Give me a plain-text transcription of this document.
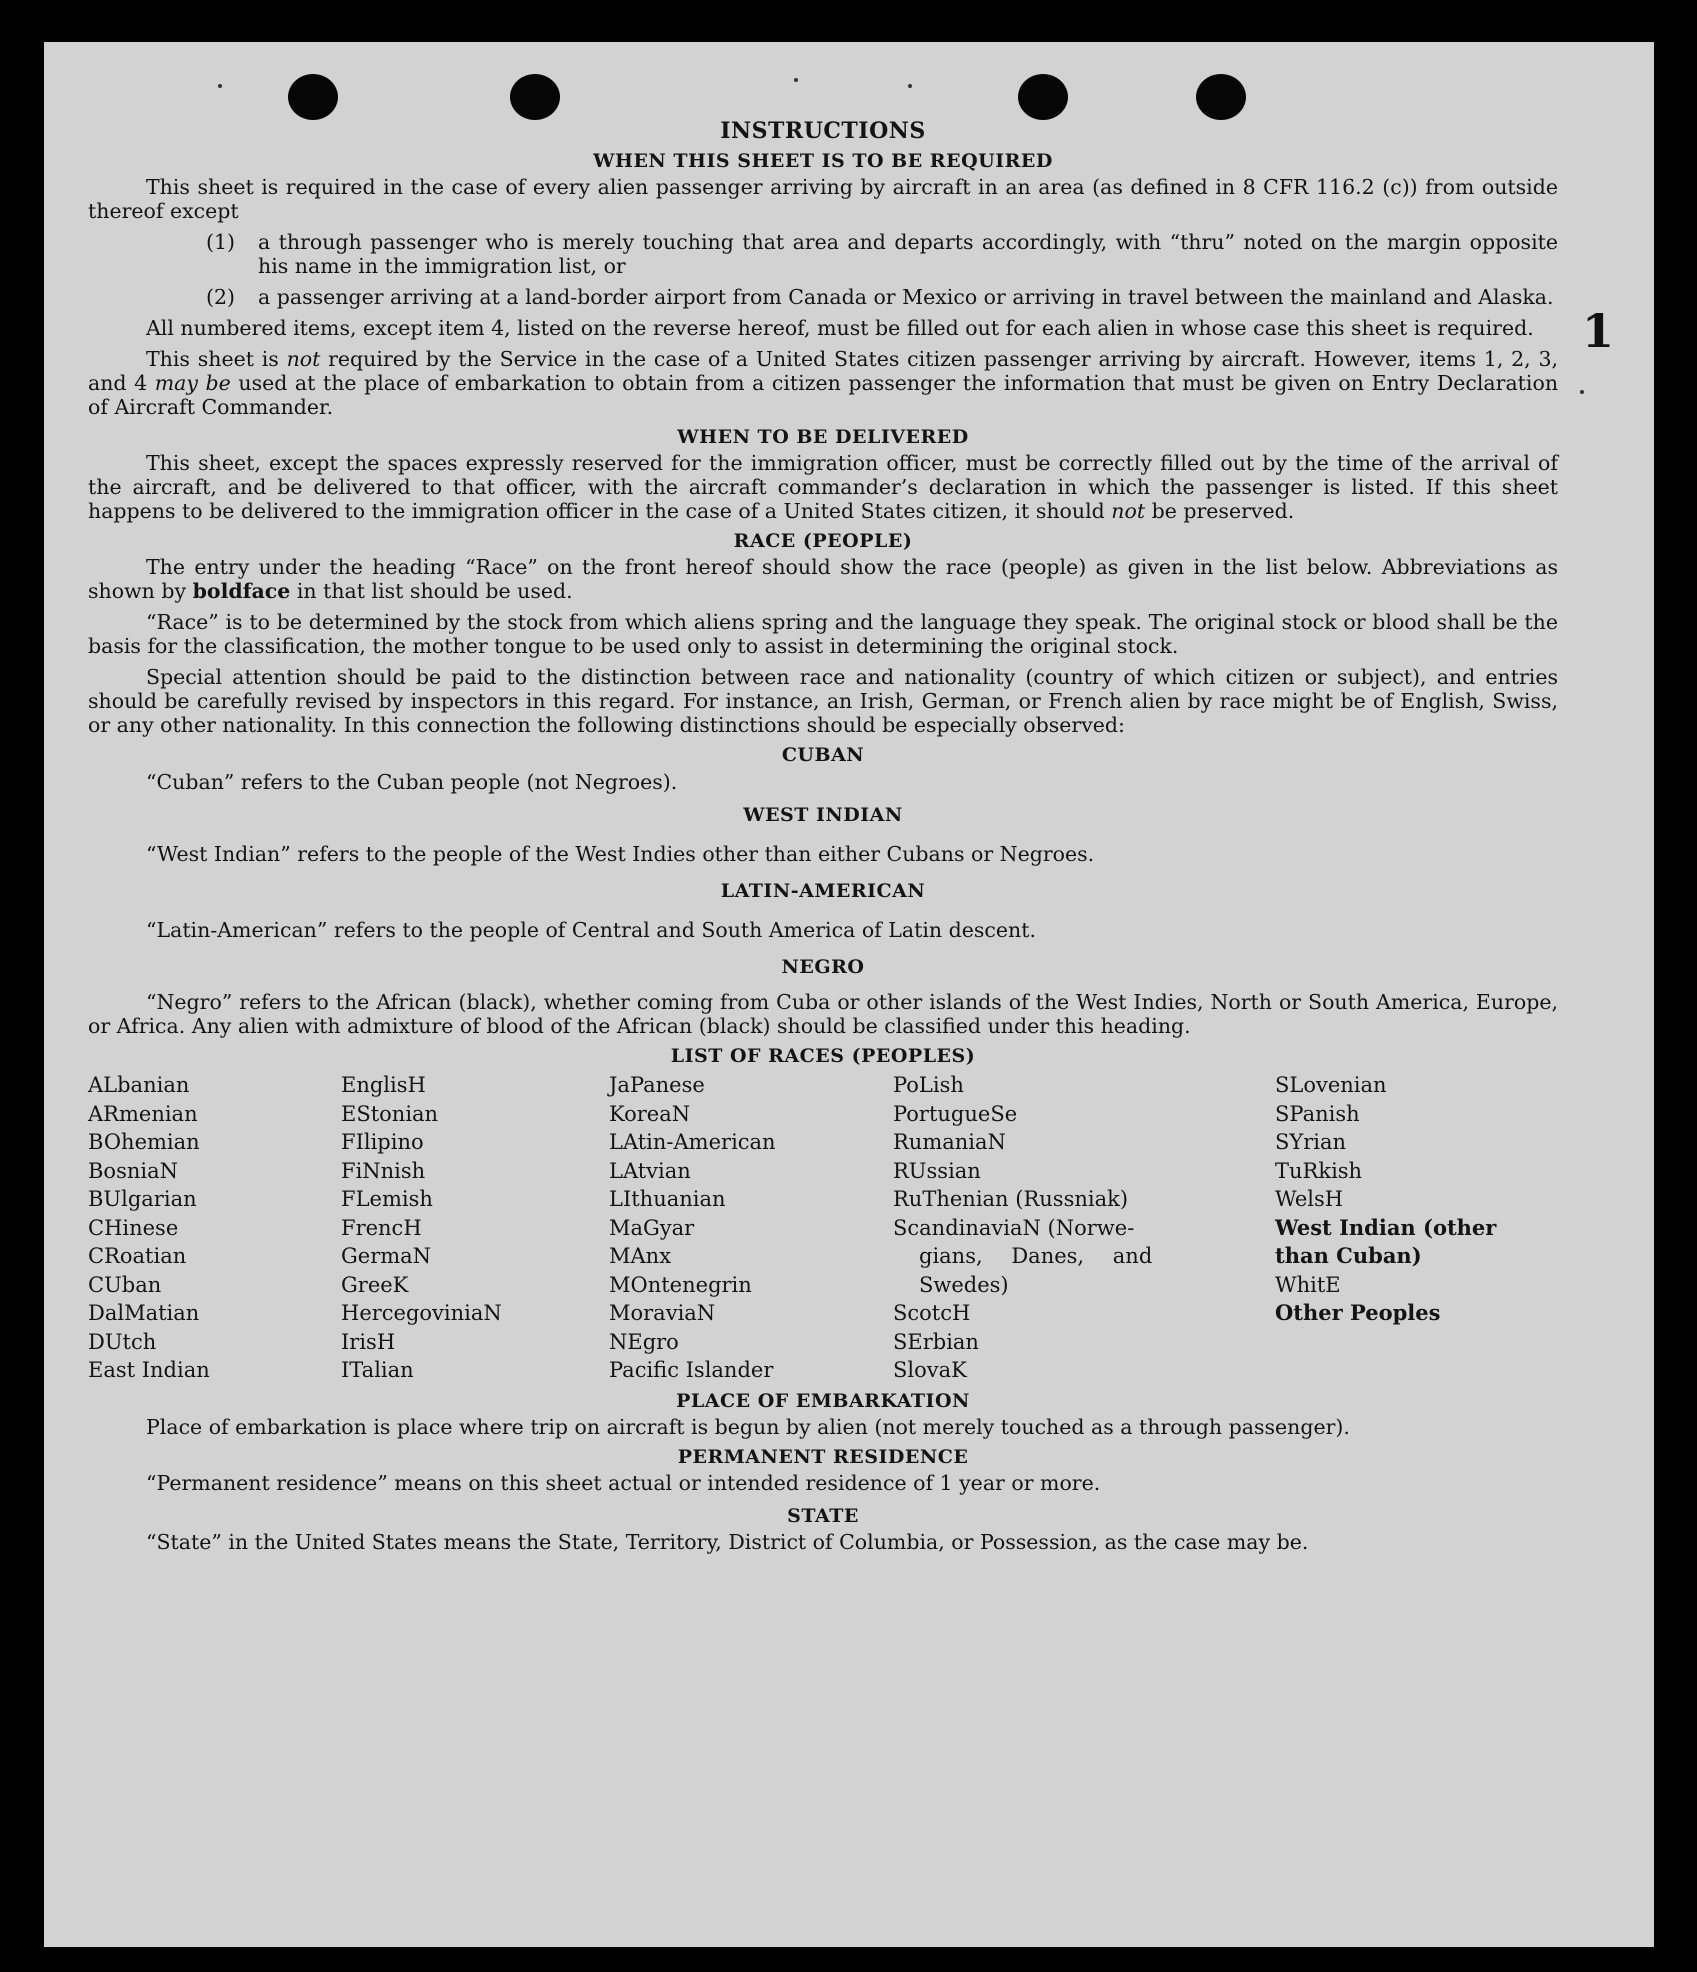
1
INSTRUCTIONS
WHEN THIS SHEET IS TO BE REQUIRED

This sheet is required in the case of every alien passenger arriving by aircraft in an area (as defined in 8 CFR 116.2 (c)) from outside thereof except

(1)	a through passenger who is merely touching that area and departs accordingly, with “thru” noted on the margin opposite his name in the immigration list, or
(2)	a passenger arriving at a land-border airport from Canada or Mexico or arriving in travel between the mainland and Alaska.

All numbered items, except item 4, listed on the reverse hereof, must be filled out for each alien in whose case this sheet is required.

This sheet is not required by the Service in the case of a United States citizen passenger arriving by aircraft. However, items 1, 2, 3, and 4 may be used at the place of embarkation to obtain from a citizen passenger the information that must be given on Entry Declaration of Aircraft Commander.

WHEN TO BE DELIVERED

This sheet, except the spaces expressly reserved for the immigration officer, must be correctly filled out by the time of the arrival of the aircraft, and be delivered to that officer, with the aircraft commander’s declaration in which the passenger is listed. If this sheet happens to be delivered to the immigration officer in the case of a United States citizen, it should not be preserved.

RACE (PEOPLE)

The entry under the heading “Race” on the front hereof should show the race (people) as given in the list below. Abbreviations as shown by boldface in that list should be used.

“Race” is to be determined by the stock from which aliens spring and the language they speak. The original stock or blood shall be the basis for the classification, the mother tongue to be used only to assist in determining the original stock.

Special attention should be paid to the distinction between race and nationality (country of which citizen or subject), and entries should be carefully revised by inspectors in this regard. For instance, an Irish, German, or French alien by race might be of English, Swiss, or any other nationality. In this connection the following distinctions should be especially observed:

CUBAN

“Cuban” refers to the Cuban people (not Negroes).

WEST INDIAN

“West Indian” refers to the people of the West Indies other than either Cubans or Negroes.

LATIN-AMERICAN

“Latin-American” refers to the people of Central and South America of Latin descent.

NEGRO

“Negro” refers to the African (black), whether coming from Cuba or other islands of the West Indies, North or South America, Europe, or Africa. Any alien with admixture of blood of the African (black) should be classified under this heading.

LIST OF RACES (PEOPLES)
ALbanian
ARmenian
BOhemian
BosniaN
BUlgarian
CHinese
CRoatian
CUban
DalMatian
DUtch
East Indian
EnglisH
EStonian
FIlipino
FiNnish
FLemish
FrencH
GermaN
GreeK
HercegoviniaN
IrisH
ITalian
JaPanese
KoreaN
LAtin-American
LAtvian
LIthuanian
MaGyar
MAnx
MOntenegrin
MoraviaN
NEgro
Pacific Islander
PoLish
PortugueSe
RumaniaN
RUssian
RuThenian (Russniak)
ScandinaviaN (Norwe-
gians, Danes, and
Swedes)
ScotcH
SErbian
SlovaK
SLovenian
SPanish
SYrian
TuRkish
WelsH
West Indian (other
than Cuban)
WhitE
Other Peoples
PLACE OF EMBARKATION

Place of embarkation is place where trip on aircraft is begun by alien (not merely touched as a through passenger).

PERMANENT RESIDENCE

“Permanent residence” means on this sheet actual or intended residence of 1 year or more.

STATE

“State” in the United States means the State, Territory, District of Columbia, or Possession, as the case may be.
